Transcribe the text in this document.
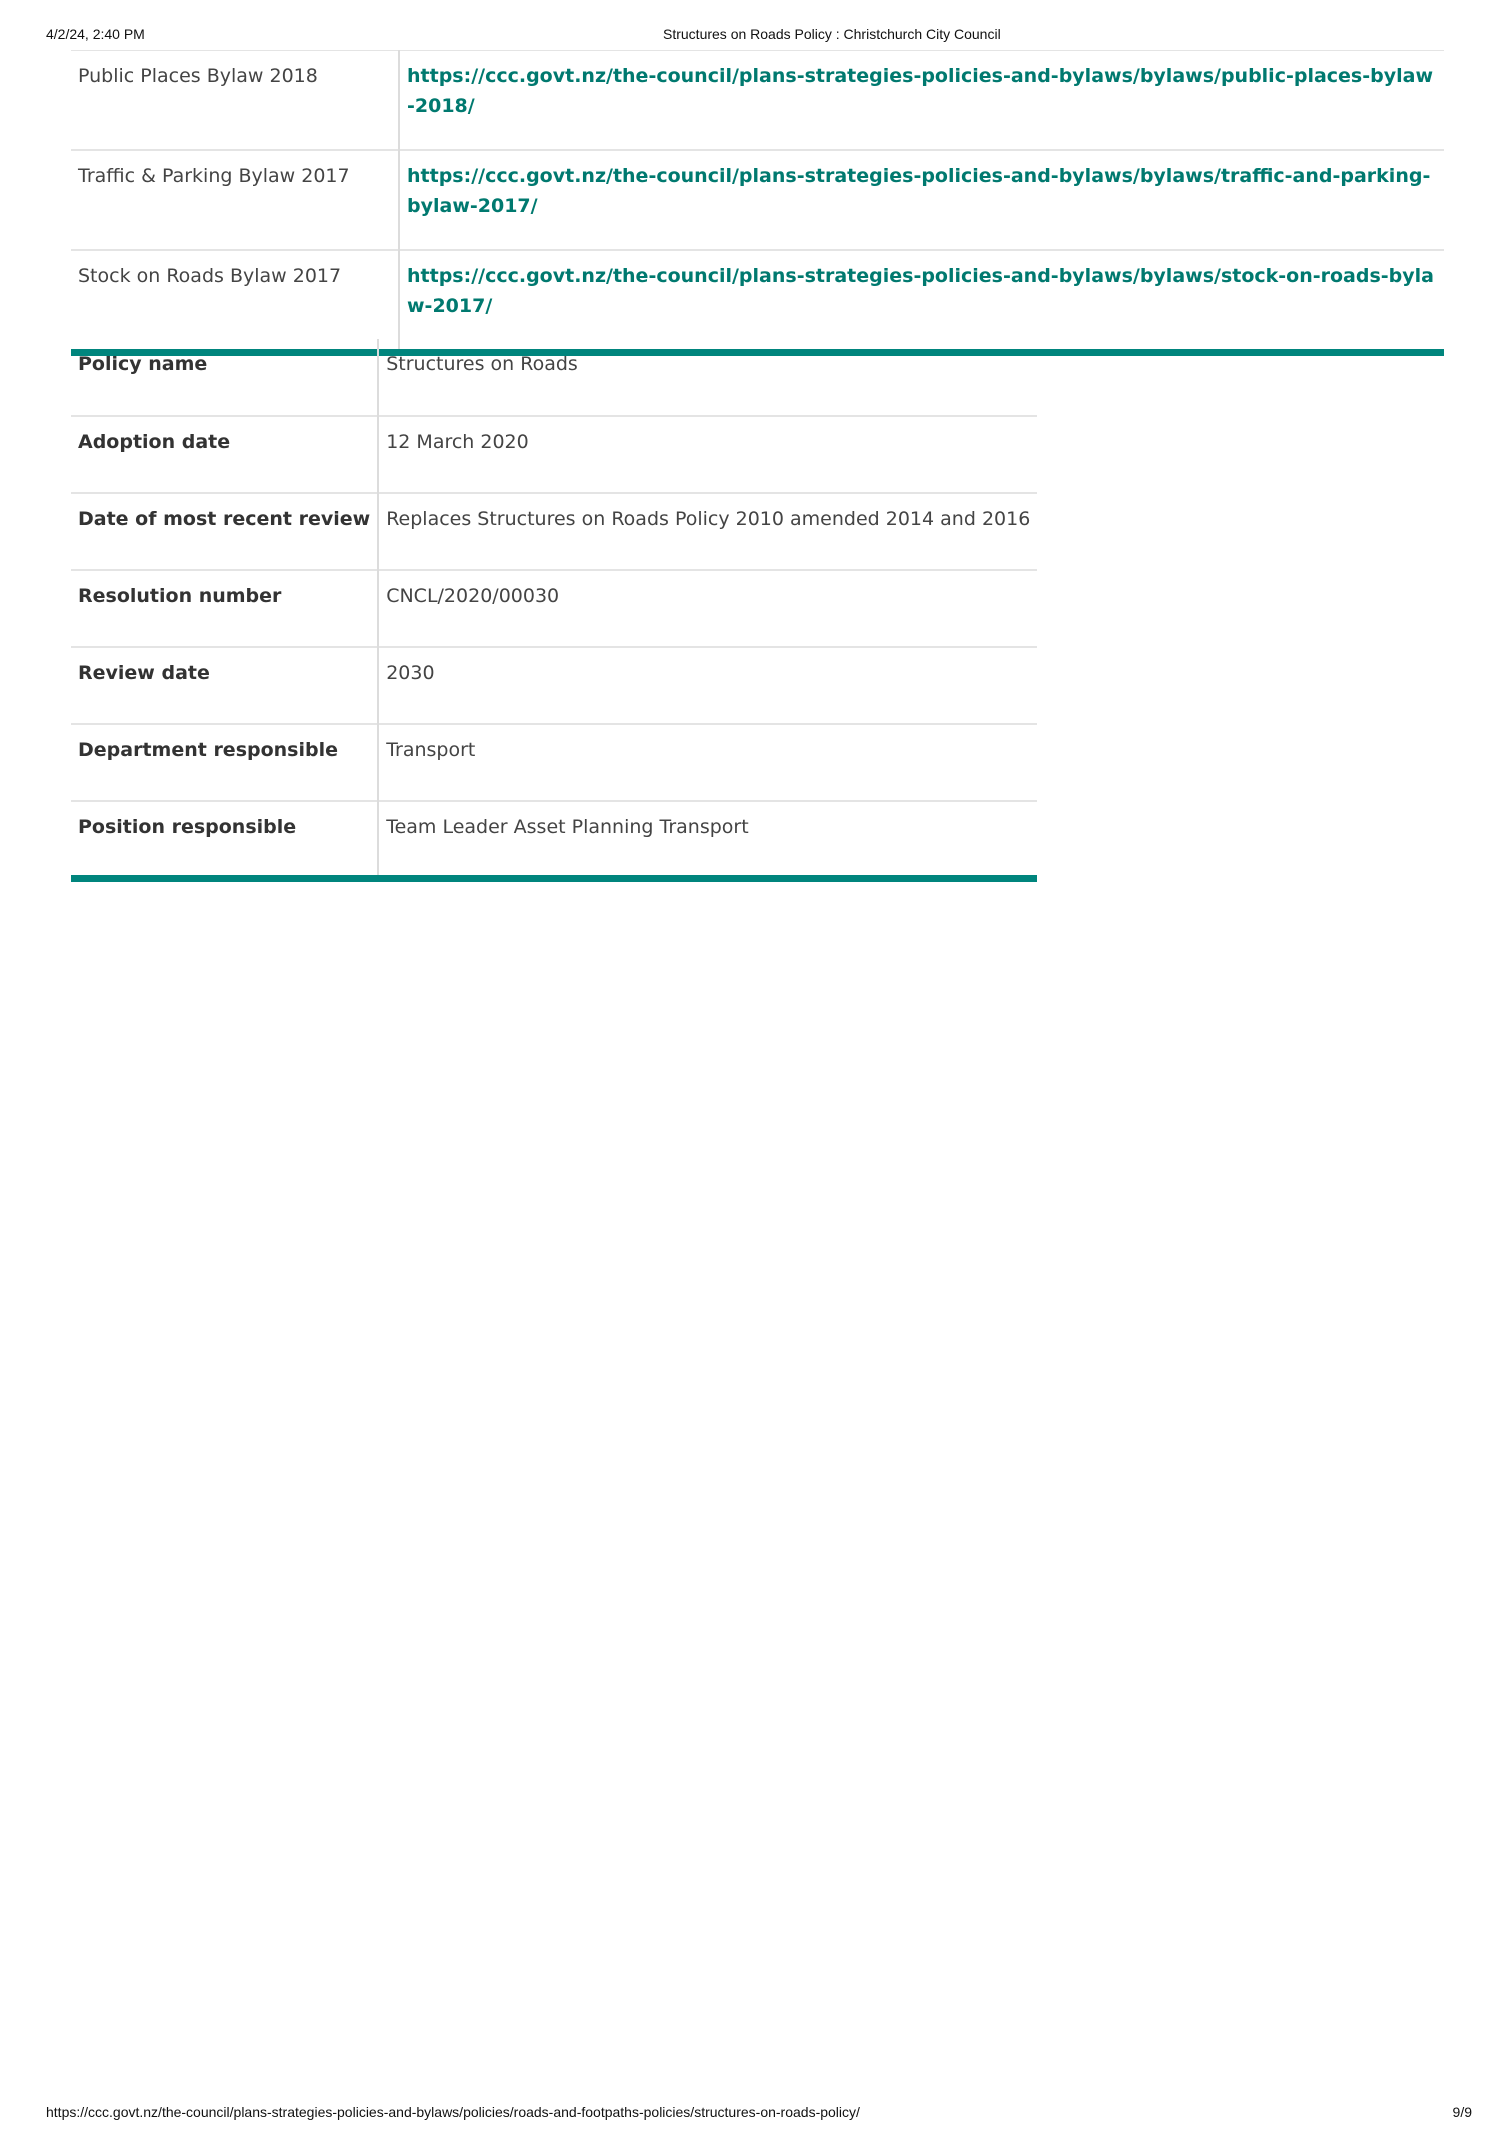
4/2/24, 2:40 PM	Structures on Roads Policy : Christchurch City Council
Public Places Bylaw 2018	https://ccc.govt.nz/the-council/plans-strategies-policies-and-bylaws/bylaws/public-places-bylaw-2018/
Traffic & Parking Bylaw 2017	https://ccc.govt.nz/the-council/plans-strategies-policies-and-bylaws/bylaws/traffic-and-parking-bylaw-2017/
Stock on Roads Bylaw 2017	https://ccc.govt.nz/the-council/plans-strategies-policies-and-bylaws/bylaws/stock-on-roads-bylaw-2017/
Policy name	Structures on Roads
Adoption date	12 March 2020
Date of most recent review	Replaces Structures on Roads Policy 2010 amended 2014 and 2016
Resolution number	CNCL/2020/00030
Review date	2030
Department responsible	Transport
Position responsible	Team Leader Asset Planning Transport
https://ccc.govt.nz/the-council/plans-strategies-policies-and-bylaws/policies/roads-and-footpaths-policies/structures-on-roads-policy/	9/9
